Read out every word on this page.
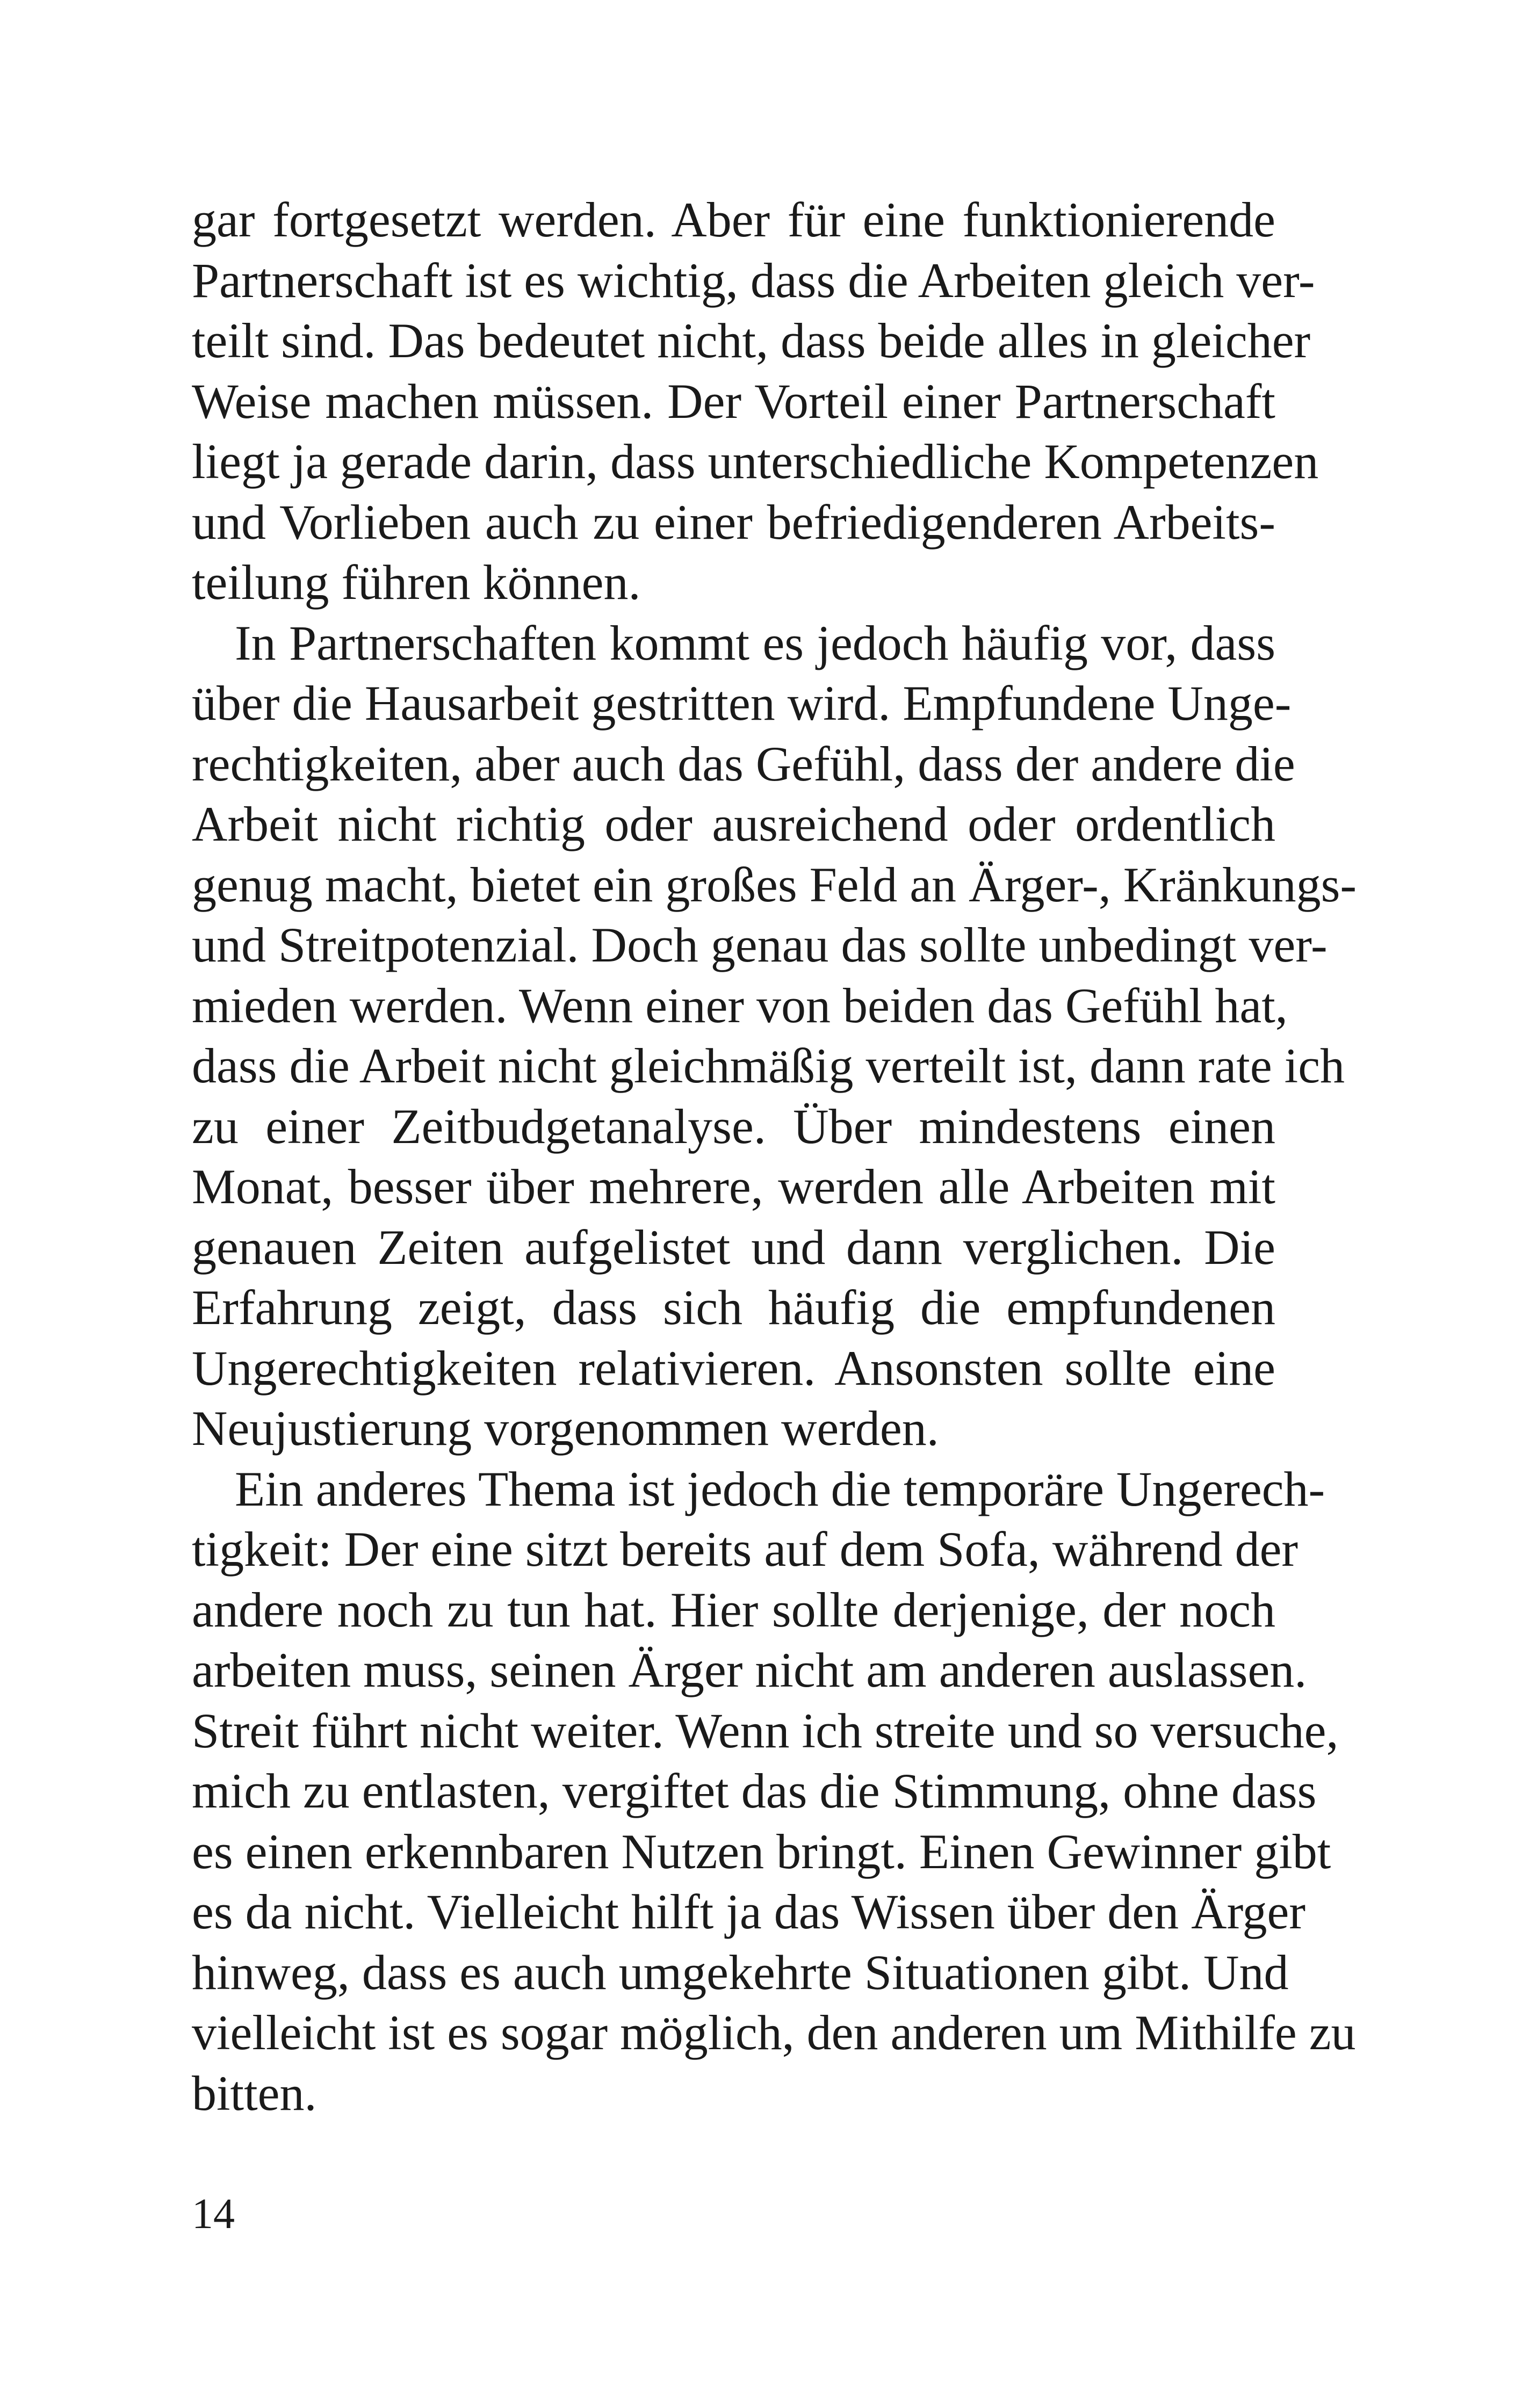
gar fortgesetzt werden. Aber für eine funktionierende
Partnerschaft ist es wichtig, dass die Arbeiten gleich ver-
teilt sind. Das bedeutet nicht, dass beide alles in gleicher
Weise machen müssen. Der Vorteil einer Partnerschaft
liegt ja gerade darin, dass unterschiedliche Kompetenzen
und Vorlieben auch zu einer befriedigenderen Arbeits-
teilung führen können.
In Partnerschaften kommt es jedoch häufig vor, dass
über die Hausarbeit gestritten wird. Empfundene Unge-
rechtigkeiten, aber auch das Gefühl, dass der andere die
Arbeit nicht richtig oder ausreichend oder ordentlich
genug macht, bietet ein großes Feld an Ärger-, Kränkungs-
und Streitpotenzial. Doch genau das sollte unbedingt ver-
mieden werden. Wenn einer von beiden das Gefühl hat,
dass die Arbeit nicht gleichmäßig verteilt ist, dann rate ich
zu einer Zeitbudgetanalyse. Über mindestens einen
Monat, besser über mehrere, werden alle Arbeiten mit
genauen Zeiten aufgelistet und dann verglichen. Die
Erfahrung zeigt, dass sich häufig die empfundenen
Ungerechtigkeiten relativieren. Ansonsten sollte eine
Neujustierung vorgenommen werden.
Ein anderes Thema ist jedoch die temporäre Ungerech-
tigkeit: Der eine sitzt bereits auf dem Sofa, während der
andere noch zu tun hat. Hier sollte derjenige, der noch
arbeiten muss, seinen Ärger nicht am anderen auslassen.
Streit führt nicht weiter. Wenn ich streite und so versuche,
mich zu entlasten, vergiftet das die Stimmung, ohne dass
es einen erkennbaren Nutzen bringt. Einen Gewinner gibt
es da nicht. Vielleicht hilft ja das Wissen über den Ärger
hinweg, dass es auch umgekehrte Situationen gibt. Und
vielleicht ist es sogar möglich, den anderen um Mithilfe zu
bitten.
14
